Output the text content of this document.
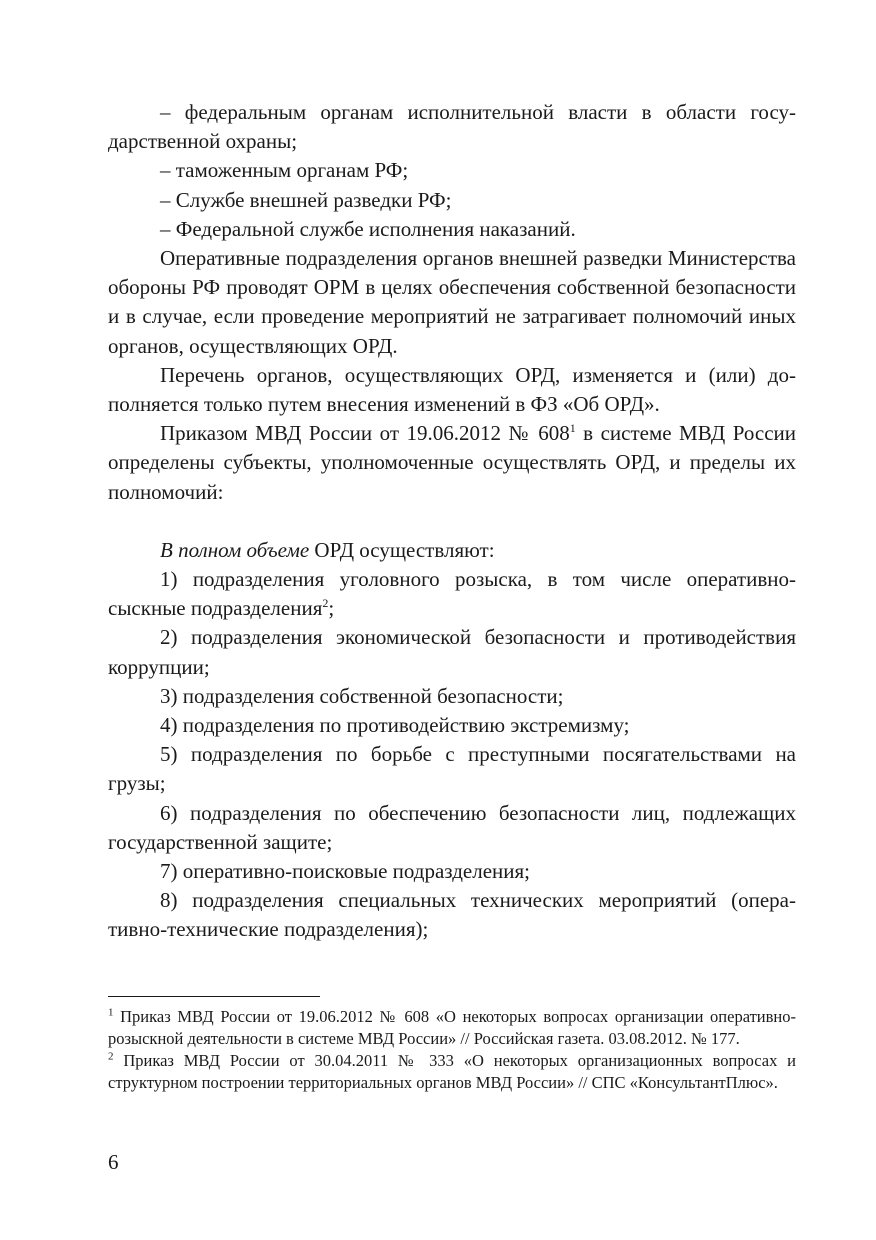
– федеральным органам исполнительной власти в области государственной охраны;

– таможенным органам РФ;

– Службе внешней разведки РФ;

– Федеральной службе исполнения наказаний.

Оперативные подразделения органов внешней разведки Министерства обороны РФ проводят ОРМ в целях обеспечения собственной безопасности и в случае, если проведение мероприятий не затрагивает полномочий иных органов, осуществляющих ОРД.

Перечень органов, осуществляющих ОРД, изменяется и (или) дополняется только путем внесения изменений в ФЗ «Об ОРД».

Приказом МВД России от 19.06.2012 № $608^1$ в системе МВД России определены субъекты, уполномоченные осуществлять ОРД, и пределы их полномочий:

В полном объеме ОРД осуществляют:

1) подразделения уголовного розыска, в том числе оперативно-сыскные подразделения$^2$;

2) подразделения экономической безопасности и противодействия коррупции;

3) подразделения собственной безопасности;

4) подразделения по противодействию экстремизму;

5) подразделения по борьбе с преступными посягательствами на грузы;

6) подразделения по обеспечению безопасности лиц, подлежащих государственной защите;

7) оперативно-поисковые подразделения;

8) подразделения специальных технических мероприятий (оперативно-технические подразделения);

$^1$ Приказ МВД России от 19.06.2012 № 608 «О некоторых вопросах организации оперативно-розыскной деятельности в системе МВД России» // Российская газета. 03.08.2012. № 177.

$^2$ Приказ МВД России от 30.04.2011 № 333 «О некоторых организационных вопросах и структурном построении территориальных органов МВД России» // СПС «КонсультантПлюс».

6
